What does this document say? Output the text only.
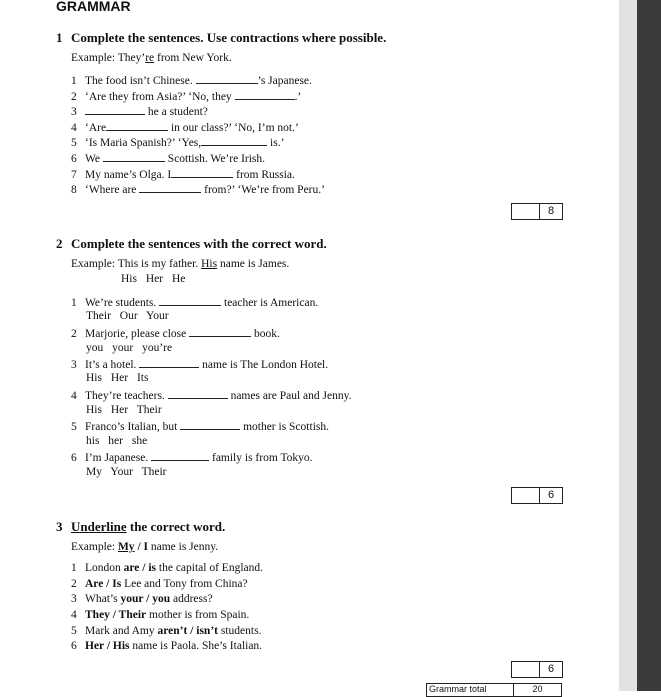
GRAMMAR
1 Complete the sentences. Use contractions where possible.
Example: They’re from New York.
1 The food isn’t Chinese.	’s Japanese.
2 ‘Are they from Asia?’ ‘No, they	.’
3	he a student?
4 ‘Are	in our class?’ ‘No, I’m not.’
5 ‘Is Maria Spanish?’ ‘Yes,	is.’
6 We	Scottish. We’re Irish.
7 My name’s Olga. I	from Russia.
8 ‘Where are	from?’ ‘We’re from Peru.’
8
2 Complete the sentences with the correct word.
Example: This is my father. His name is James.
His Her He
1 We’re students.	teacher is American.
Their Our Your
2 Marjorie, please close	book.
you your you’re
3 It’s a hotel.	name is The London Hotel.
His Her Its
4 They’re teachers.	names are Paul and Jenny.
His Her Their
5 Franco’s Italian, but	mother is Scottish.
his her she
6 I’m Japanese.	family is from Tokyo.
My Your Their
6
3 Underline the correct word.
Example: My / I name is Jenny.
1 London are / is the capital of England.
2 Are / Is Lee and Tony from China?
3 What’s your / you address?
4 They / Their mother is from Spain.
5 Mark and Amy aren’t / isn’t students.
6 Her / His name is Paola. She’s Italian.
6
Grammar total	20
